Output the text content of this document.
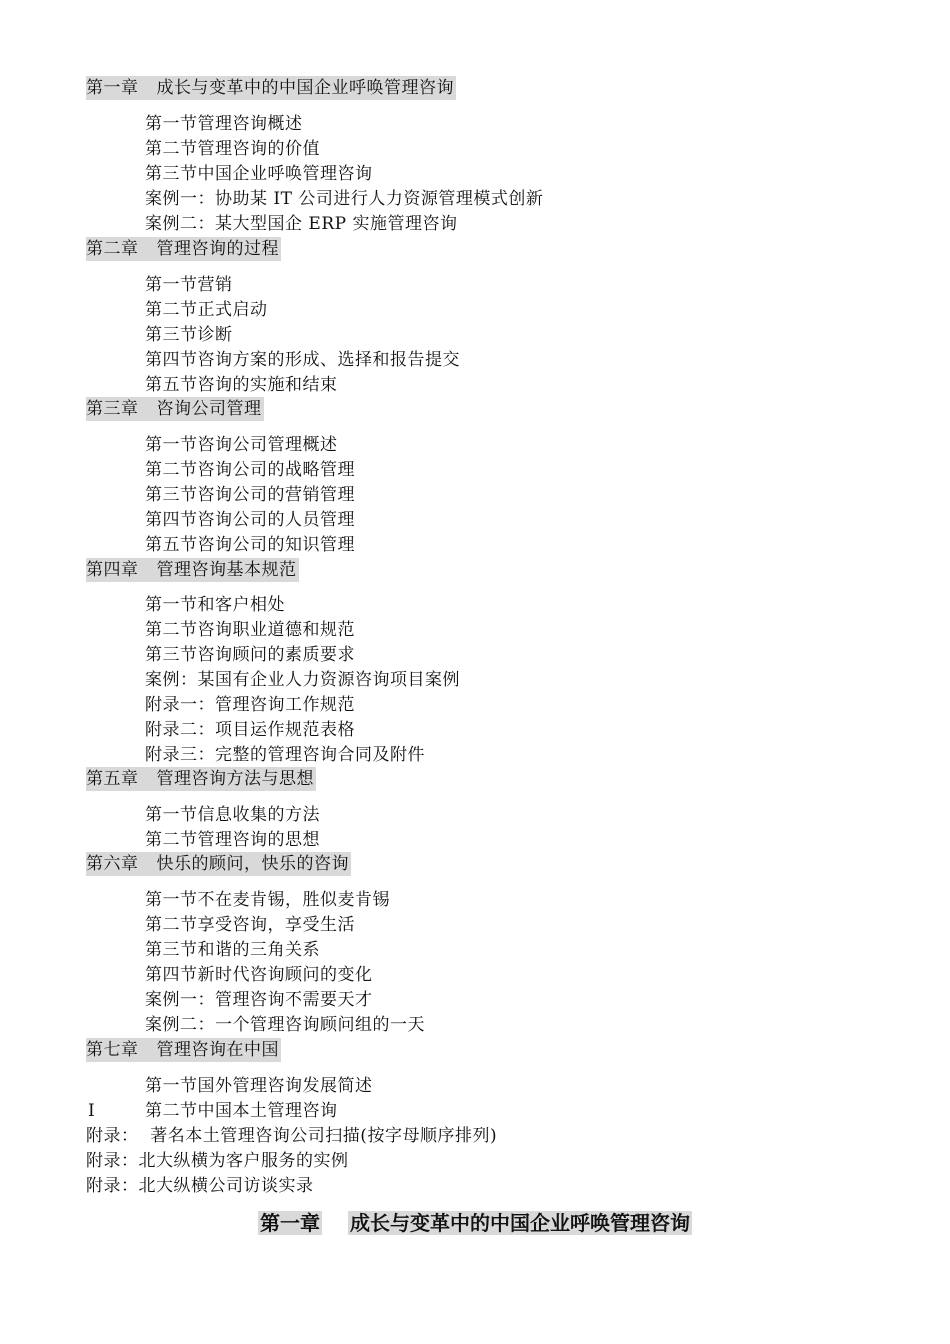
第一章 成长与变革中的中国企业呼唤管理咨询
第一节管理咨询概述
第二节管理咨询的价值
第三节中国企业呼唤管理咨询
案例一：协助某 IT 公司进行人力资源管理模式创新
案例二：某大型国企 ERP 实施管理咨询
第二章 管理咨询的过程
第一节营销
第二节正式启动
第三节诊断
第四节咨询方案的形成、选择和报告提交
第五节咨询的实施和结束
第三章 咨询公司管理
第一节咨询公司管理概述
第二节咨询公司的战略管理
第三节咨询公司的营销管理
第四节咨询公司的人员管理
第五节咨询公司的知识管理
第四章 管理咨询基本规范
第一节和客户相处
第二节咨询职业道德和规范
第三节咨询顾问的素质要求
案例：某国有企业人力资源咨询项目案例
附录一：管理咨询工作规范
附录二：项目运作规范表格
附录三：完整的管理咨询合同及附件
第五章 管理咨询方法与思想
第一节信息收集的方法
第二节管理咨询的思想
第六章 快乐的顾问，快乐的咨询
第一节不在麦肯锡，胜似麦肯锡
第二节享受咨询，享受生活
第三节和谐的三角关系
第四节新时代咨询顾问的变化
案例一：管理咨询不需要天才
案例二：一个管理咨询顾问组的一天
第七章 管理咨询在中国
第一节国外管理咨询发展简述
I	第二节中国本土管理咨询
附录：  著名本土管理咨询公司扫描(按字母顺序排列)
附录：北大纵横为客户服务的实例
附录：北大纵横公司访谈实录
第一章 成长与变革中的中国企业呼唤管理咨询
